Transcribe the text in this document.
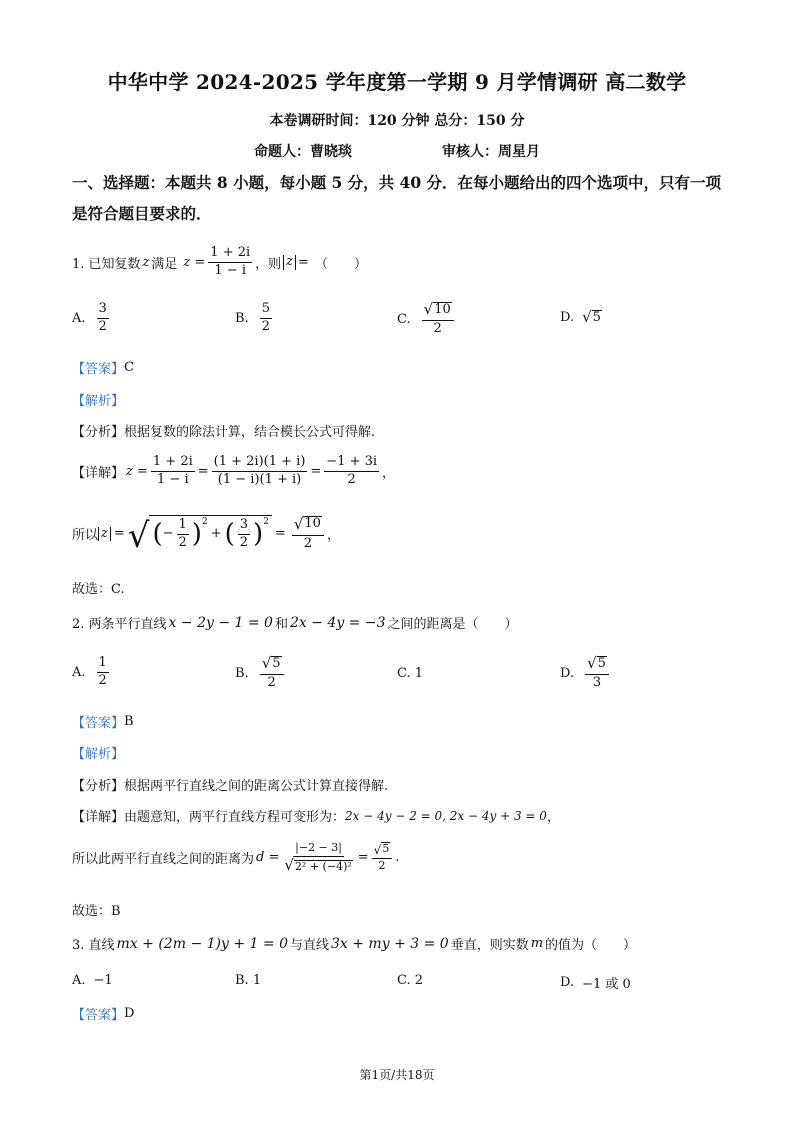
中华中学 2024-2025 学年度第一学期 9 月学情调研 高二数学
本卷调研时间：120 分钟 总分：150 分
命题人：曹晓琰	审核人：周星月
一、选择题：本题共 8 小题，每小题 5 分，共 40 分．在每小题给出的四个选项中，只有一项
是符合题目要求的．
1. 已知复数 z 满足 $z = \frac{1 + 2i}{1 - i}$ ，则 z = （　　）
A. $\frac{3}{2}$	B. $\frac{5}{2}$	C. $\frac{√ 10}{2}$	D. √ 5
【答案】 C
【解析】
【分析】 根据复数的除法计算，结合模长公式可得解.
【详解】 $z = \frac{1 + 2i}{1 - i} = \frac{(1 + 2i)(1 + i)}{(1 - i)(1 + i)} = \frac{-1 + 3i}{2}$ ，
所以 z = √ ( − $\frac{1}{2} )^2$
+ ( $\frac{3}{2} )^2$
= $\frac{√ 10}{2}$ ，
故选：C.
2. 两条平行直线 x − 2y − 1 = 0 和 2x − 4y = −3 之间的距离是（　　）
A. $\frac{1}{2}$	B. $\frac{√ 5}{2}$	C. 1	D. $\frac{√ 5}{3}$
【答案】 B
【解析】
【分析】 根据两平行直线之间的距离公式计算直接得解.
【详解】 由题意知，两平行直线方程可变形为： 2x − 4y − 2 = 0, 2x − 4y + 3 = 0 ，
所以此两平行直线之间的距离为 $d = \frac{|-2 - 3|}{\text{√ 2² + (−4)²}} = \frac{√ 5}{2}$ .
故选：B
3. 直线 mx + (2m − 1)y + 1 = 0 与直线 3x + my + 3 = 0 垂直，则实数 m 的值为（　　）
A. −1	B. 1	C. 2	D. −1 或 0
【答案】 D
第1页/共18页
